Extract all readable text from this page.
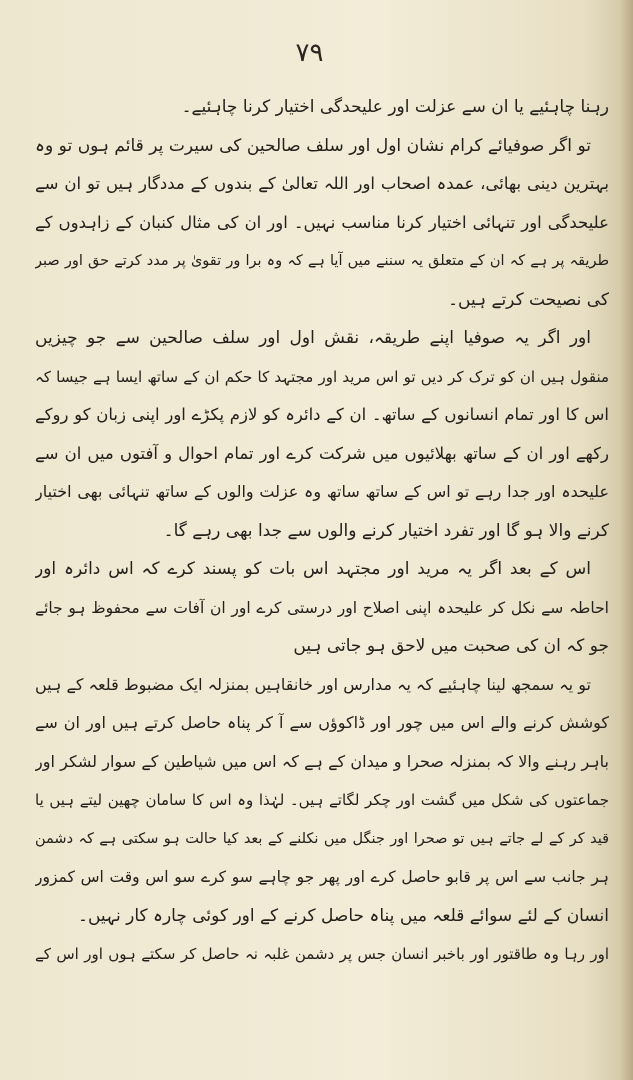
۷۹
رہنا چاہئیے یا ان سے عزلت اور علیحدگی اختیار کرنا چاہئیے۔
تو اگر صوفیائے کرام نشان اول اور سلف صالحین کی سیرت پر قائم ہوں تو وہ
بہترین دینی بھائی، عمدہ اصحاب اور اللہ تعالیٰ کے بندوں کے مددگار ہیں تو ان سے
علیحدگی اور تنہائی اختیار کرنا مناسب نہیں۔ اور ان کی مثال کنبان کے زاہدوں کے
طریقہ پر ہے کہ ان کے متعلق یہ سننے میں آیا ہے کہ وہ برا ور تقویٰ پر مدد کرتے حق اور صبر
کی نصیحت کرتے ہیں۔
اور اگر یہ صوفیا اپنے طریقہ، نقش اول اور سلف صالحین سے جو چیزیں
منقول ہیں ان کو ترک کر دیں تو اس مرید اور مجتہد کا حکم ان کے ساتھ ایسا ہے جیسا کہ
اس کا اور تمام انسانوں کے ساتھ۔ ان کے دائرہ کو لازم پکڑے اور اپنی زبان کو روکے
رکھے اور ان کے ساتھ بھلائیوں میں شرکت کرے اور تمام احوال و آفتوں میں ان سے
علیحدہ اور جدا رہے تو اس کے ساتھ ساتھ وہ عزلت والوں کے ساتھ تنہائی بھی اختیار
کرنے والا ہو گا اور تفرد اختیار کرنے والوں سے جدا بھی رہے گا۔
اس کے بعد اگر یہ مرید اور مجتہد اس بات کو پسند کرے کہ اس دائرہ اور
احاطہ سے نکل کر علیحدہ اپنی اصلاح اور درستی کرے اور ان آفات سے محفوظ ہو جائے
جو کہ ان کی صحبت میں لاحق ہو جاتی ہیں
تو یہ سمجھ لینا چاہئیے کہ یہ مدارس اور خانقاہیں بمنزلہ ایک مضبوط قلعہ کے ہیں
کوشش کرنے والے اس میں چور اور ڈاکوؤں سے آ کر پناہ حاصل کرتے ہیں اور ان سے
باہر رہنے والا کہ بمنزلہ صحرا و میدان کے ہے کہ اس میں شیاطین کے سوار لشکر اور
جماعتوں کی شکل میں گشت اور چکر لگاتے ہیں۔ لہٰذا وہ اس کا سامان چھین لیتے ہیں یا
قید کر کے لے جاتے ہیں تو صحرا اور جنگل میں نکلنے کے بعد کیا حالت ہو سکتی ہے کہ دشمن
ہر جانب سے اس پر قابو حاصل کرے اور پھر جو چاہے سو کرے سو اس وقت اس کمزور
انسان کے لئے سوائے قلعہ میں پناہ حاصل کرنے کے اور کوئی چارہ کار نہیں۔
اور رہا وہ طاقتور اور باخبر انسان جس پر دشمن غلبہ نہ حاصل کر سکتے ہوں اور اس کے
